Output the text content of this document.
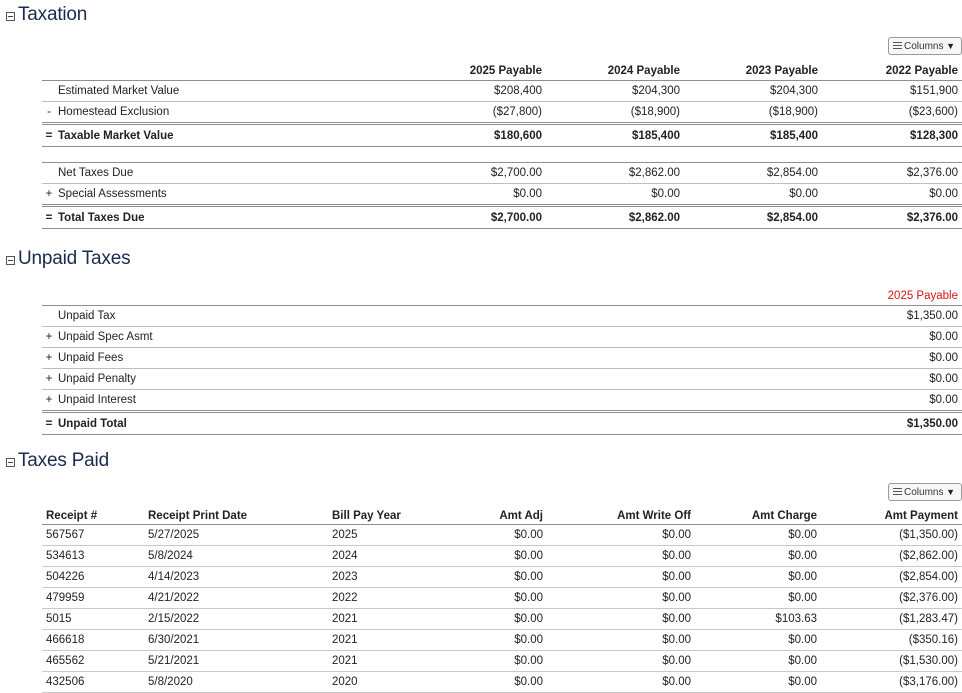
Taxation
Columns ▼
		2025 Payable	2024 Payable	2023 Payable	2022 Payable
	Estimated Market Value	$208,400	$204,300	$204,300	$151,900
-	Homestead Exclusion	($27,800)	($18,900)	($18,900)	($23,600)
=	Taxable Market Value	$180,600	$185,400	$185,400	$128,300
	Net Taxes Due	$2,700.00	$2,862.00	$2,854.00	$2,376.00
+	Special Assessments	$0.00	$0.00	$0.00	$0.00
=	Total Taxes Due	$2,700.00	$2,862.00	$2,854.00	$2,376.00
Unpaid Taxes
		2025 Payable
	Unpaid Tax	$1,350.00
+	Unpaid Spec Asmt	$0.00
+	Unpaid Fees	$0.00
+	Unpaid Penalty	$0.00
+	Unpaid Interest	$0.00
=	Unpaid Total	$1,350.00
Taxes Paid
Columns ▼
Receipt #	Receipt Print Date	Bill Pay Year	Amt Adj	Amt Write Off	Amt Charge	Amt Payment
567567	5/27/2025	2025	$0.00	$0.00	$0.00	($1,350.00)
534613	5/8/2024	2024	$0.00	$0.00	$0.00	($2,862.00)
504226	4/14/2023	2023	$0.00	$0.00	$0.00	($2,854.00)
479959	4/21/2022	2022	$0.00	$0.00	$0.00	($2,376.00)
5015	2/15/2022	2021	$0.00	$0.00	$103.63	($1,283.47)
466618	6/30/2021	2021	$0.00	$0.00	$0.00	($350.16)
465562	5/21/2021	2021	$0.00	$0.00	$0.00	($1,530.00)
432506	5/8/2020	2020	$0.00	$0.00	$0.00	($3,176.00)
